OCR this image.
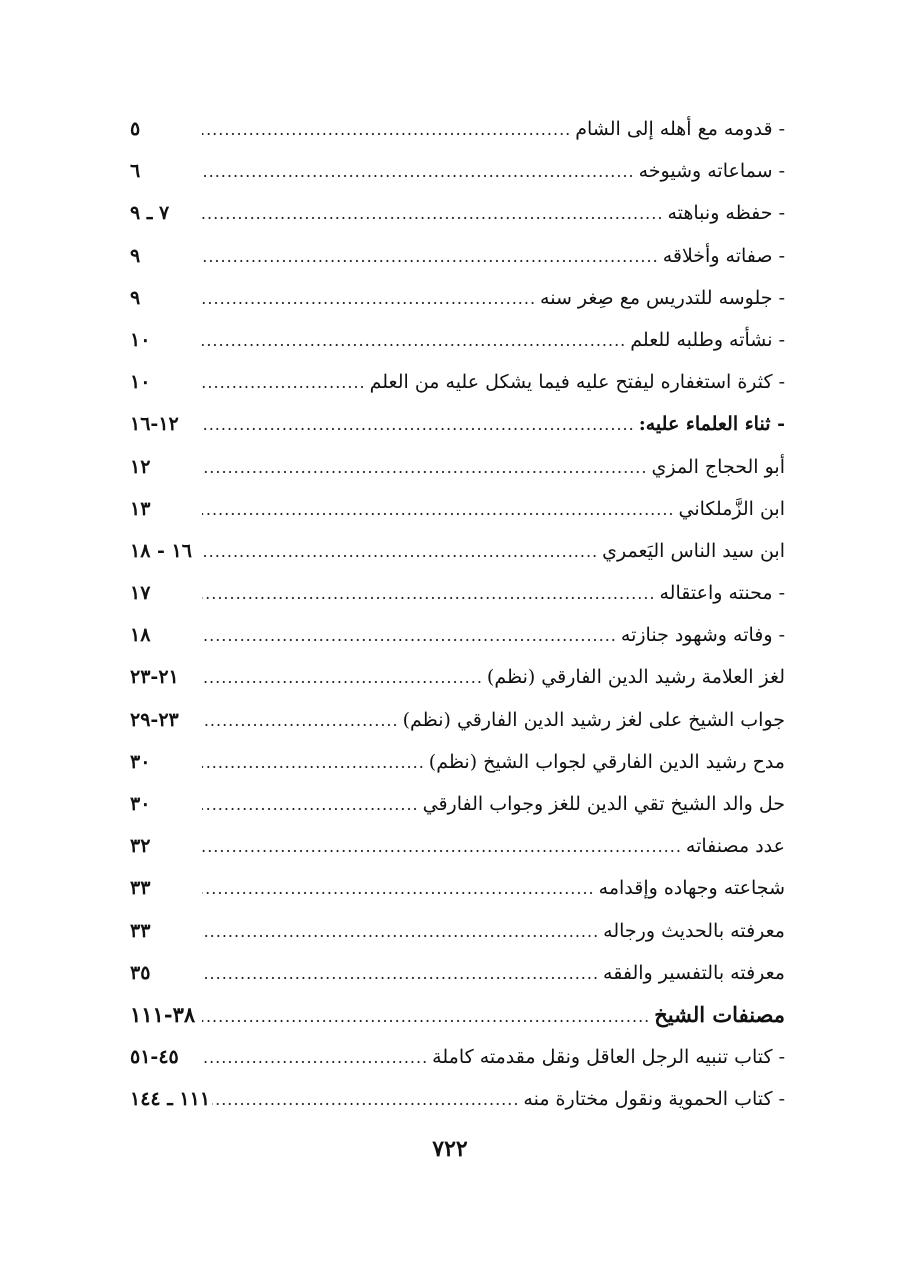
- قدومه مع أهله إلى الشام
.....
٥
- سماعاته وشيوخه
.....
٦
- حفظه ونباهته
.....
٧ ـ ٩
- صفاته وأخلاقه
.....
٩
- جلوسه للتدريس مع صِغر سنه
.....
٩
- نشأته وطلبه للعلم
.....
١٠
- كثرة استغفاره ليفتح عليه فيما يشكل عليه من العلم
.....
١٠
- ثناء العلماء عليه:
.....
١٢-١٦
أبو الحجاج المزي
.....
١٢
ابن الزَّملكاني
.....
١٣
ابن سيد الناس اليَعمري
.....
١٦ - ١٨
- محنته واعتقاله
.....
١٧
- وفاته وشهود جنازته
.....
١٨
لغز العلامة رشيد الدين الفارقي (نظم)
.....
٢١-٢٣
جواب الشيخ على لغز رشيد الدين الفارقي (نظم)
.....
٢٣-٢٩
مدح رشيد الدين الفارقي لجواب الشيخ (نظم)
.....
٣٠
حل والد الشيخ تقي الدين للغز وجواب الفارقي
.....
٣٠
عدد مصنفاته
.....
٣٢
شجاعته وجهاده وإقدامه
.....
٣٣
معرفته بالحديث ورجاله
.....
٣٣
معرفته بالتفسير والفقه
.....
٣٥
مصنفات الشيخ
.....
٣٨-١١١
- كتاب تنبيه الرجل العاقل ونقل مقدمته كاملة
.....
٤٥-٥١
- كتاب الحموية ونقول مختارة منه
.....
١١١ ـ ١٤٤
٧٢٢
